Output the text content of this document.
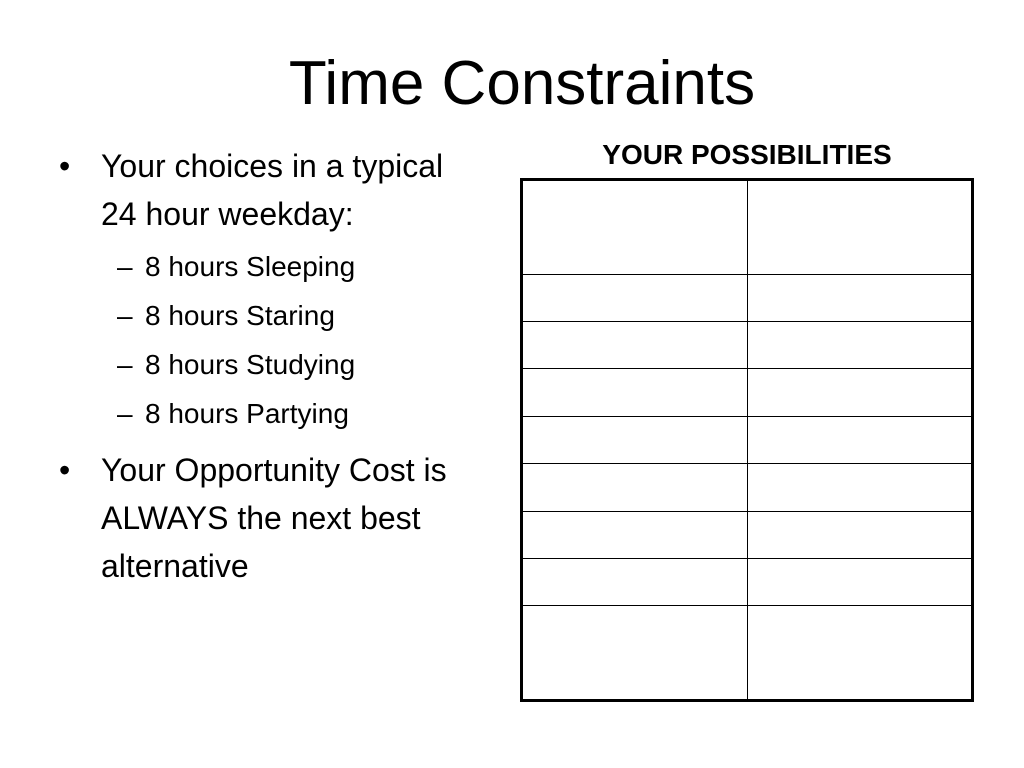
Time Constraints
• Your choices in a typical 24 hour weekday:
– 8 hours Sleeping
– 8 hours Staring
– 8 hours Studying
– 8 hours Partying
• Your Opportunity Cost is ALWAYS the next best alternative
YOUR POSSIBILITIES
